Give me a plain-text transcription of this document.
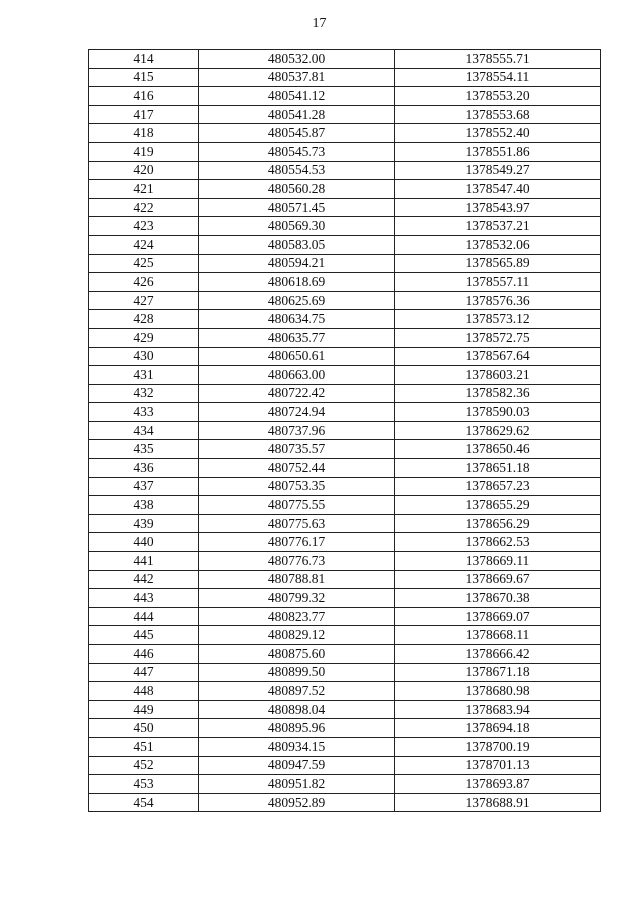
17
414	480532.00	1378555.71
415	480537.81	1378554.11
416	480541.12	1378553.20
417	480541.28	1378553.68
418	480545.87	1378552.40
419	480545.73	1378551.86
420	480554.53	1378549.27
421	480560.28	1378547.40
422	480571.45	1378543.97
423	480569.30	1378537.21
424	480583.05	1378532.06
425	480594.21	1378565.89
426	480618.69	1378557.11
427	480625.69	1378576.36
428	480634.75	1378573.12
429	480635.77	1378572.75
430	480650.61	1378567.64
431	480663.00	1378603.21
432	480722.42	1378582.36
433	480724.94	1378590.03
434	480737.96	1378629.62
435	480735.57	1378650.46
436	480752.44	1378651.18
437	480753.35	1378657.23
438	480775.55	1378655.29
439	480775.63	1378656.29
440	480776.17	1378662.53
441	480776.73	1378669.11
442	480788.81	1378669.67
443	480799.32	1378670.38
444	480823.77	1378669.07
445	480829.12	1378668.11
446	480875.60	1378666.42
447	480899.50	1378671.18
448	480897.52	1378680.98
449	480898.04	1378683.94
450	480895.96	1378694.18
451	480934.15	1378700.19
452	480947.59	1378701.13
453	480951.82	1378693.87
454	480952.89	1378688.91
